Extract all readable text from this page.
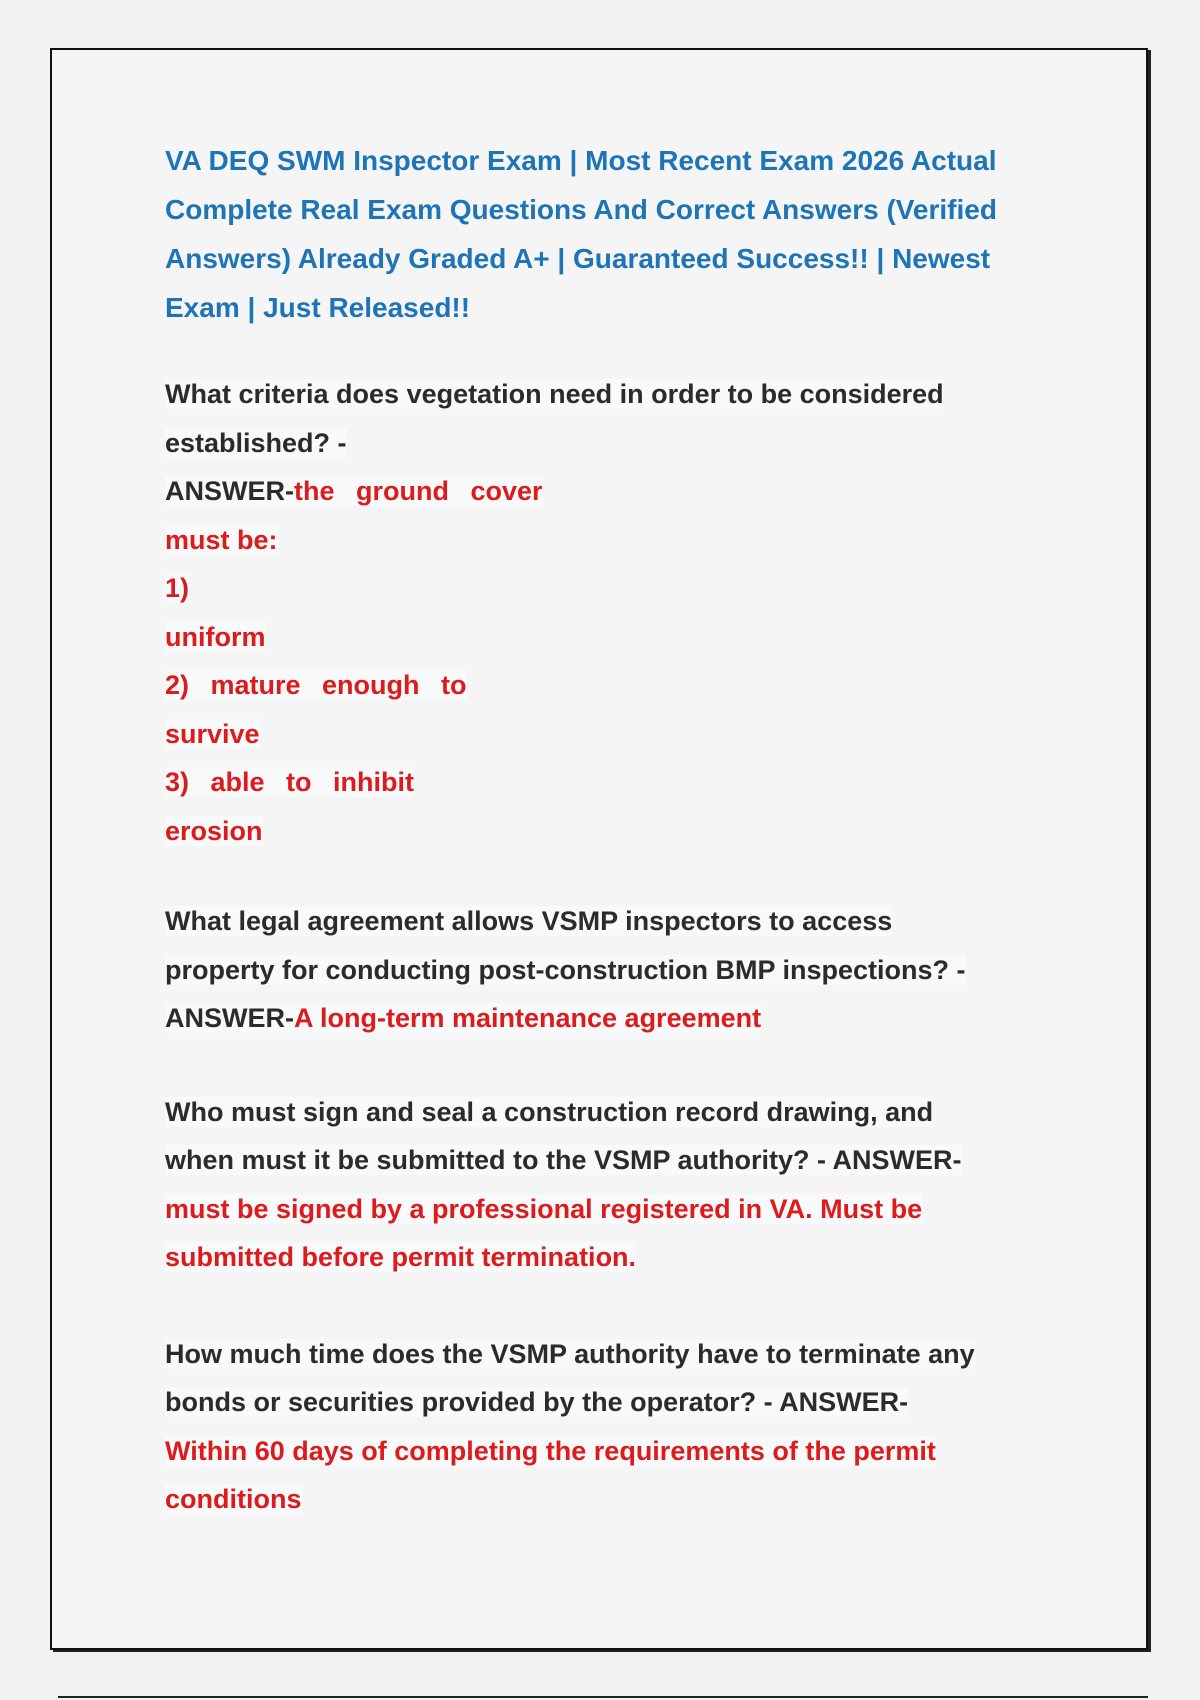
VA DEQ SWM Inspector Exam | Most Recent Exam 2026 Actual
Complete Real Exam Questions And Correct Answers (Verified
Answers) Already Graded A+ | Guaranteed Success!! | Newest
Exam | Just Released!!
What criteria does vegetation need in order to be considered
established? -
ANSWER-the ground cover
must be:
1)
uniform
2) mature enough to
survive
3) able to inhibit
erosion
What legal agreement allows VSMP inspectors to access
property for conducting post-construction BMP inspections? -
ANSWER-A long-term maintenance agreement
Who must sign and seal a construction record drawing, and
when must it be submitted to the VSMP authority? - ANSWER-
must be signed by a professional registered in VA. Must be
submitted before permit termination.
How much time does the VSMP authority have to terminate any
bonds or securities provided by the operator? - ANSWER-
Within 60 days of completing the requirements of the permit
conditions
